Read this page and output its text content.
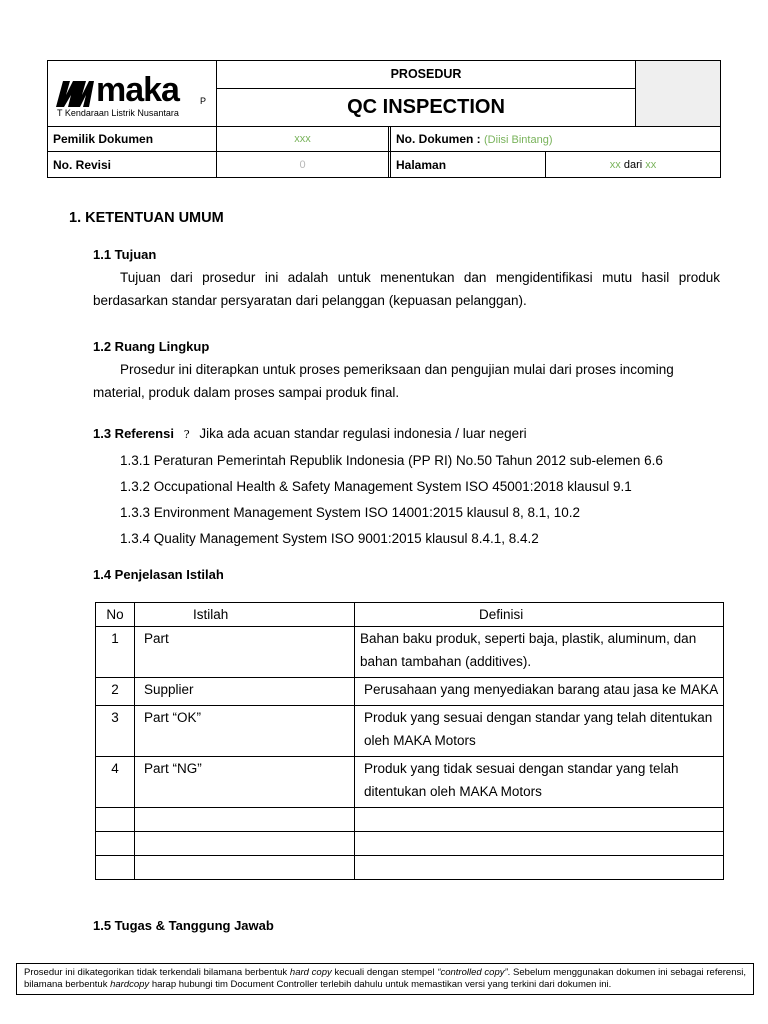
maka P
T Kendaraan Listrik Nusantara
PROSEDUR
QC INSPECTION
Pemilik Dokumen	xxx	No. Dokumen : (Diisi Bintang)
No. Revisi	0	Halaman	xx dari xx
1. KETENTUAN UMUM
1.1 Tujuan
Tujuan dari prosedur ini adalah untuk menentukan dan mengidentifikasi mutu hasil produk berdasarkan standar persyaratan dari pelanggan (kepuasan pelanggan).
1.2 Ruang Lingkup
Prosedur ini diterapkan untuk proses pemeriksaan dan pengujian mulai dari proses incoming material, produk dalam proses sampai produk final.
1.3 Referensi ? Jika ada acuan standar regulasi indonesia / luar negeri
1.3.1 Peraturan Pemerintah Republik Indonesia (PP RI) No.50 Tahun 2012 sub-elemen 6.6
1.3.2 Occupational Health & Safety Management System ISO 45001:2018 klausul 9.1
1.3.3 Environment Management System ISO 14001:2015 klausul 8, 8.1, 10.2
1.3.4 Quality Management System ISO 9001:2015 klausul 8.4.1, 8.4.2
1.4 Penjelasan Istilah
No	Istilah	Definisi
1	Part	Bahan baku produk, seperti baja, plastik, aluminum, dan bahan tambahan (additives).
2	Supplier	Perusahaan yang menyediakan barang atau jasa ke MAKA
3	Part “OK”	Produk yang sesuai dengan standar yang telah ditentukan oleh MAKA Motors
4	Part “NG”	Produk yang tidak sesuai dengan standar yang telah ditentukan oleh MAKA Motors

1.5 Tugas & Tanggung Jawab
Prosedur ini dikategorikan tidak terkendali bilamana berbentuk hard copy kecuali dengan stempel “controlled copy”. Sebelum menggunakan dokumen ini sebagai referensi, bilamana berbentuk hardcopy harap hubungi tim Document Controller terlebih dahulu untuk memastikan versi yang terkini dari dokumen ini.
